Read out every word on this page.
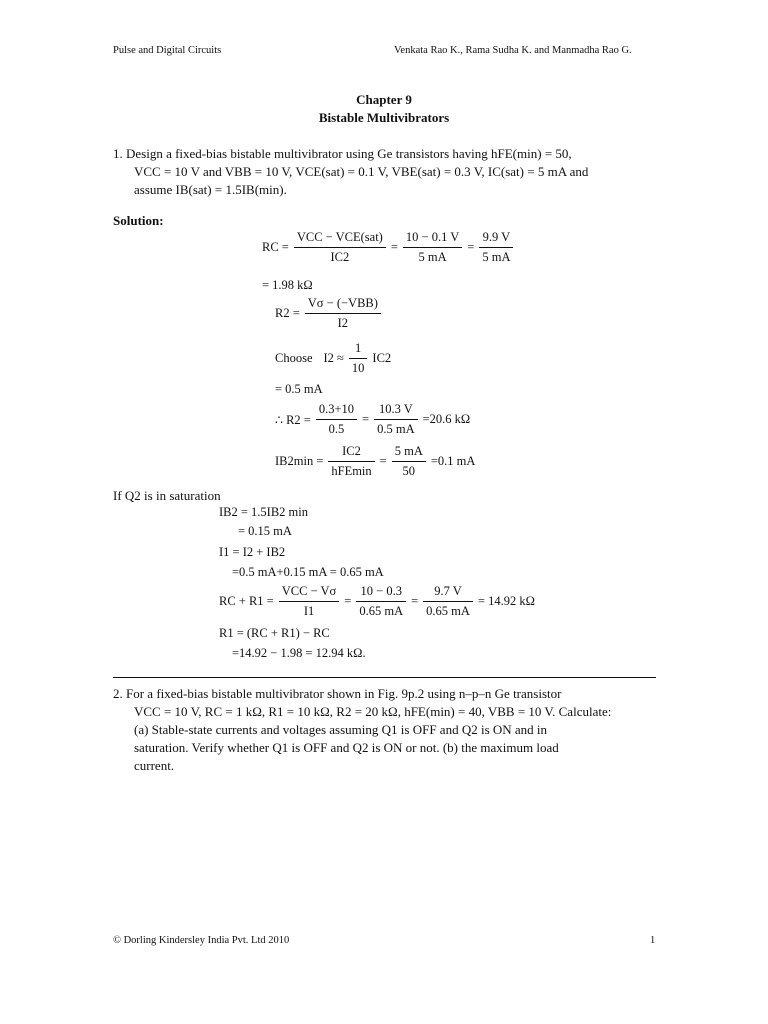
Pulse and Digital Circuits	Venkata Rao K., Rama Sudha K. and Manmadha Rao G.
Chapter 9
Bistable Multivibrators
1. Design a fixed-bias bistable multivibrator using Ge transistors having hFE(min) = 50,
VCC = 10 V and VBB = 10 V, VCE(sat) = 0.1 V, VBE(sat) = 0.3 V, IC(sat) = 5 mA and
assume IB(sat) = 1.5IB(min).
Solution:
RC = $\frac{\text{VCC − VCE(sat)}}{IC2} = \frac{10 - 0.1 V}{5 mA} = \frac{9.9 V}{5 mA}$
= 1.98 kΩ
$R2 = \frac{\text{Vσ − (−VBB)}}{I2}$
Choose $I2 \approx \frac{1}{10} IC2$
= 0.5 mA
∴ $R2 = \frac{0.3+10}{0.5} = \frac{10.3 V}{0.5 mA} =20.6$ kΩ
$IB2\min = \frac{IC2}{\text{hFEmin}} = \frac{5 mA}{50} =0.1$ mA
If Q2 is in saturation
IB2 = 1.5IB2 min
= 0.15 mA
I1 = I2 + IB2
=0.5 mA+0.15 mA = 0.65 mA
RC + $R1 = \frac{\text{VCC − Vσ}}{I1} = \frac{10 - 0.3}{0.65 mA} = \frac{9.7 V}{0.65 mA} = 14.92$ kΩ
R1 = (RC + R1) − RC
=14.92 − 1.98 = 12.94 kΩ.
2. For a fixed-bias bistable multivibrator shown in Fig. 9p.2 using n–p–n Ge transistor
VCC = 10 V, RC = 1 kΩ, R1 = 10 kΩ, R2 = 20 kΩ, hFE(min) = 40, VBB = 10 V. Calculate:
(a) Stable-state currents and voltages assuming Q1 is OFF and Q2 is ON and in
saturation. Verify whether Q1 is OFF and Q2 is ON or not. (b) the maximum load
current.
© Dorling Kindersley India Pvt. Ltd 2010	1
